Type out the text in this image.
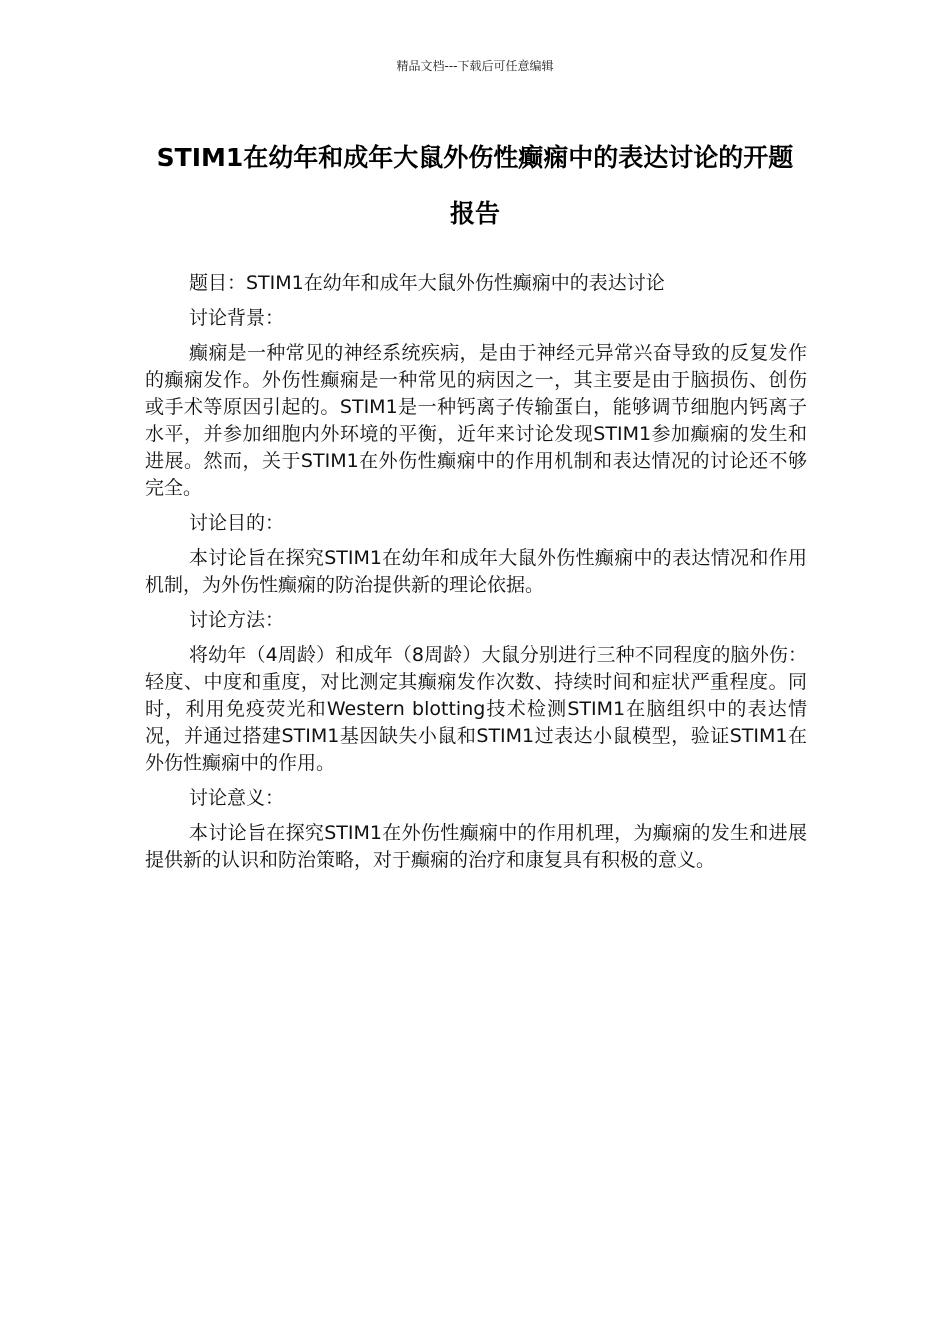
精品文档---下载后可任意编辑
STIM1在幼年和成年大鼠外伤性癫痫中的表达讨论的开题报告

题目：STIM1在幼年和成年大鼠外伤性癫痫中的表达讨论

讨论背景：

癫痫是一种常见的神经系统疾病，是由于神经元异常兴奋导致的反复发作的癫痫发作。外伤性癫痫是一种常见的病因之一，其主要是由于脑损伤、创伤或手术等原因引起的。STIM1是一种钙离子传输蛋白，能够调节细胞内钙离子水平，并参加细胞内外环境的平衡，近年来讨论发现STIM1参加癫痫的发生和进展。然而，关于STIM1在外伤性癫痫中的作用机制和表达情况的讨论还不够完全。

讨论目的：

本讨论旨在探究STIM1在幼年和成年大鼠外伤性癫痫中的表达情况和作用机制，为外伤性癫痫的防治提供新的理论依据。

讨论方法：

将幼年（4周龄）和成年（8周龄）大鼠分别进行三种不同程度的脑外伤：轻度、中度和重度，对比测定其癫痫发作次数、持续时间和症状严重程度。同时，利用免疫荧光和Western blotting技术检测STIM1在脑组织中的表达情况，并通过搭建STIM1基因缺失小鼠和STIM1过表达小鼠模型，验证STIM1在外伤性癫痫中的作用。

讨论意义：

本讨论旨在探究STIM1在外伤性癫痫中的作用机理，为癫痫的发生和进展提供新的认识和防治策略，对于癫痫的治疗和康复具有积极的意义。
